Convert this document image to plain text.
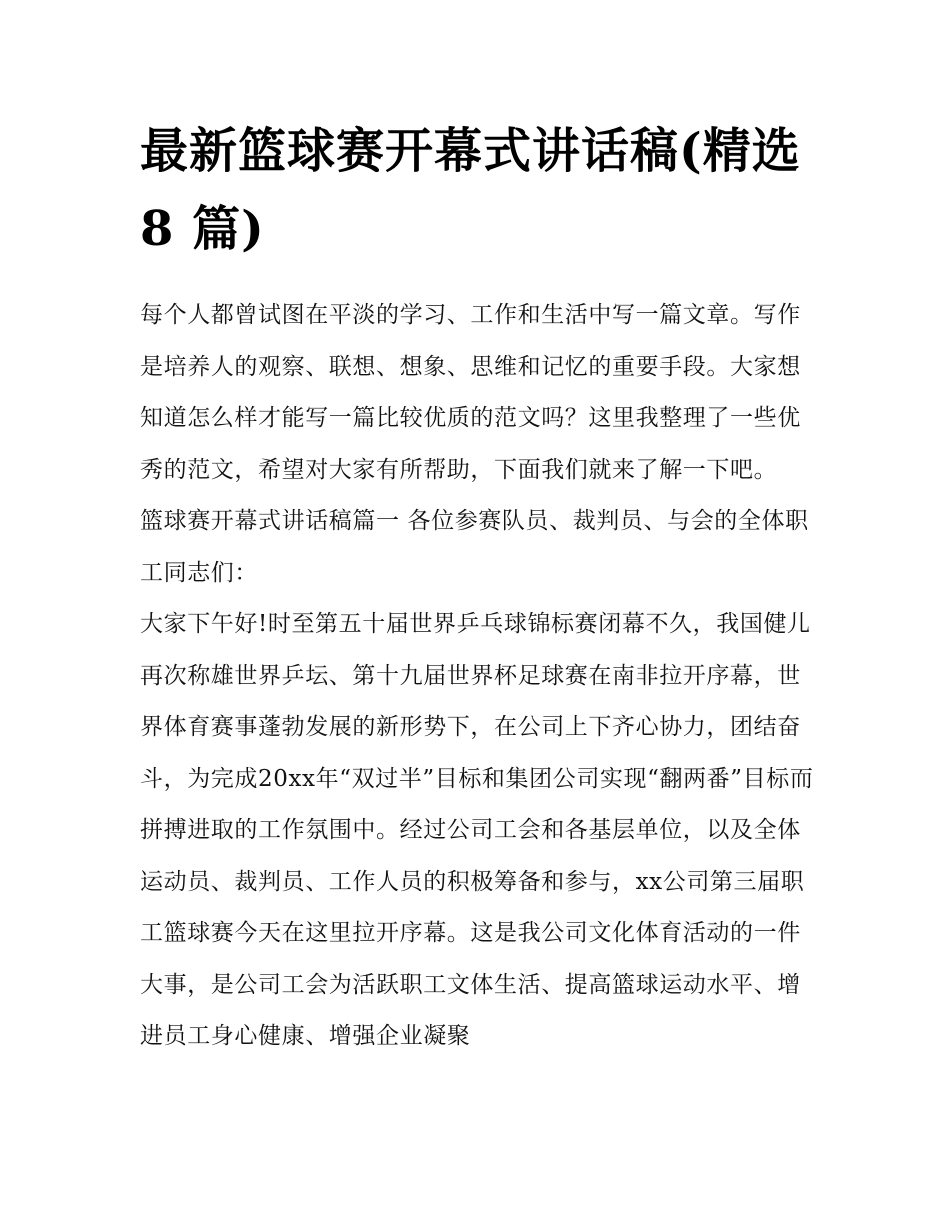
最新篮球赛开幕式讲话稿(精选 8 篇)

每个人都曾试图在平淡的学习、工作和生活中写一篇文章。写作是培养人的观察、联想、想象、思维和记忆的重要手段。大家想知道怎么样才能写一篇比较优质的范文吗？这里我整理了一些优秀的范文，希望对大家有所帮助，下面我们就来了解一下吧。

篮球赛开幕式讲话稿篇一 各位参赛队员、裁判员、与会的全体职工同志们：

大家下午好!时至第五十届世界乒乓球锦标赛闭幕不久，我国健儿再次称雄世界乒坛、第十九届世界杯足球赛在南非拉开序幕，世界体育赛事蓬勃发展的新形势下，在公司上下齐心协力，团结奋斗，为完成20xx年“双过半”目标和集团公司实现“翻两番”目标而拼搏进取的工作氛围中。经过公司工会和各基层单位，以及全体运动员、裁判员、工作人员的积极筹备和参与，xx公司第三届职工篮球赛今天在这里拉开序幕。这是我公司文化体育活动的一件大事，是公司工会为活跃职工文体生活、提高篮球运动水平、增进员工身心健康、增强企业凝聚
